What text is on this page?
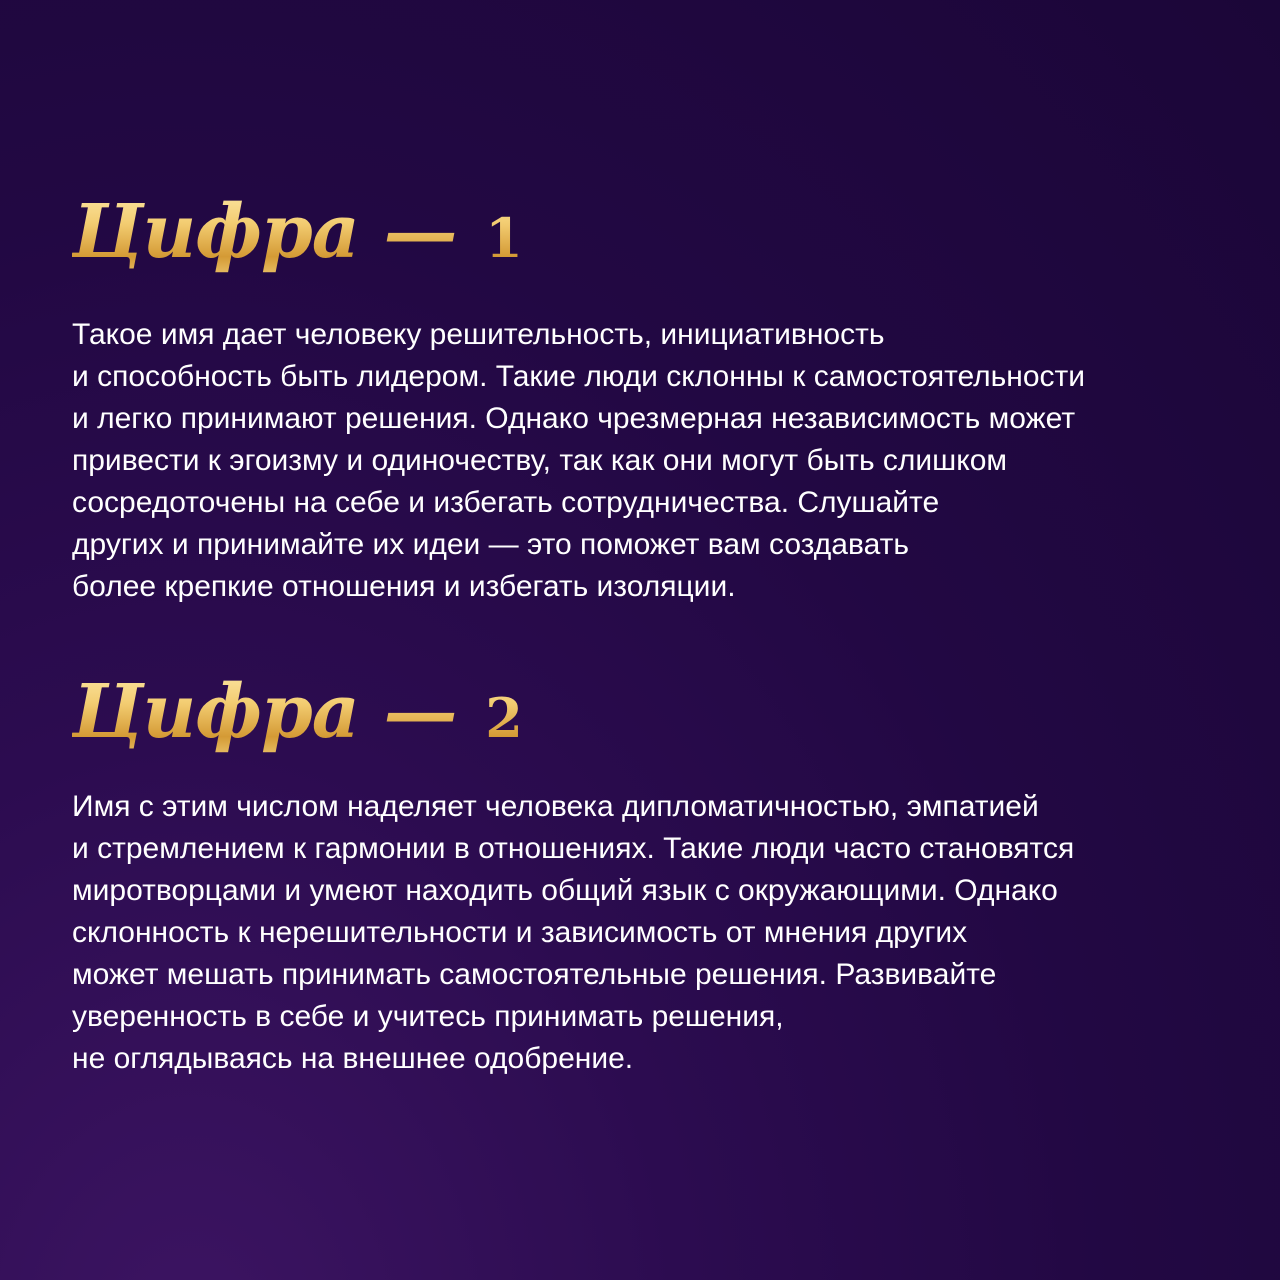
Цифра — 1

Такое имя дает человеку решительность, инициативность
и способность быть лидером. Такие люди склонны к самостоятельности
и легко принимают решения. Однако чрезмерная независимость может
привести к эгоизму и одиночеству, так как они могут быть слишком
сосредоточены на себе и избегать сотрудничества. Слушайте
других и принимайте их идеи — это поможет вам создавать
более крепкие отношения и избегать изоляции.

Цифра — 2

Имя с этим числом наделяет человека дипломатичностью, эмпатией
и стремлением к гармонии в отношениях. Такие люди часто становятся
миротворцами и умеют находить общий язык с окружающими. Однако
склонность к нерешительности и зависимость от мнения других
может мешать принимать самостоятельные решения. Развивайте
уверенность в себе и учитесь принимать решения,
не оглядываясь на внешнее одобрение.
